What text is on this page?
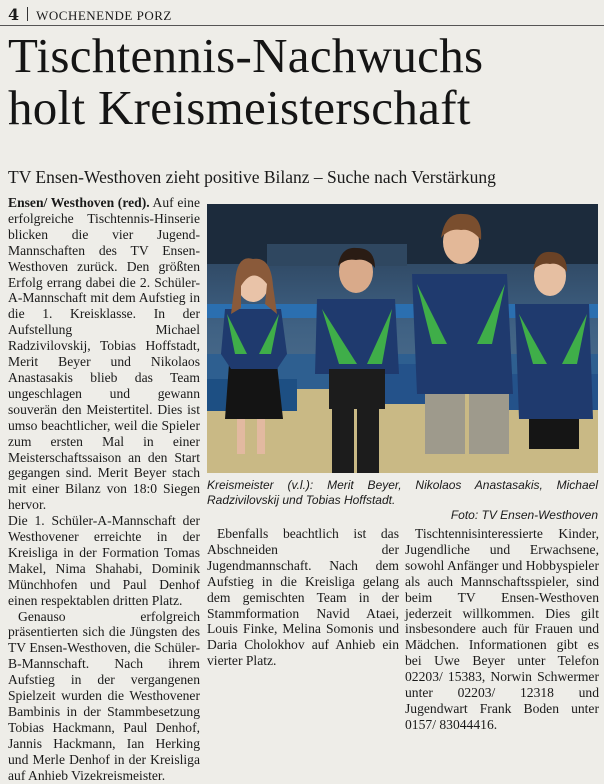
4 WOCHENENDE PORZ
Tischtennis-Nachwuchs
holt Kreismeisterschaft
TV Ensen-Westhoven zieht positive Bilanz – Suche nach Verstärkung

Ensen/ Westhoven (red). Auf eine erfolgreiche Tischtennis-Hinserie blicken die vier Jugend-Mannschaften des TV Ensen-Westhoven zurück. Den größten Erfolg errang dabei die 2. Schüler-A-Mannschaft mit dem Aufstieg in die 1. Kreisklasse. In der Aufstellung Michael Radzivilovskij, Tobias Hoffstadt, Merit Beyer und Nikolaos Anastasakis blieb das Team ungeschlagen und gewann souverän den Meistertitel. Dies ist umso beachtlicher, weil die Spieler zum ersten Mal in einer Meisterschaftssaison an den Start gegangen sind. Merit Beyer stach mit einer Bilanz von 18:0 Siegen hervor.

Die 1. Schüler-A-Mannschaft der Westhovener erreichte in der Kreisliga in der Formation Tomas Makel, Nima Shahabi, Dominik Münchhofen und Paul Denhof einen respektablen dritten Platz.

Genauso erfolgreich präsentierten sich die Jüngsten des TV Ensen-Westhoven, die Schüler-B-Mannschaft. Nach ihrem Aufstieg in der vergangenen Spielzeit wurden die Westhovener Bambinis in der Stammbesetzung Tobias Hackmann, Paul Denhof, Jannis Hackmann, Ian Herking und Merle Denhof in der Kreisliga auf Anhieb Vizekreismeister.

Kreismeister (v.l.): Merit Beyer, Nikolaos Anastasakis, Michael Radzivilovskij und Tobias Hoffstadt.
Foto: TV Ensen-Westhoven

Ebenfalls beachtlich ist das Abschneiden der Jugendmannschaft. Nach dem Aufstieg in die Kreisliga gelang dem gemischten Team in der Stammformation Navid Ataei, Louis Finke, Melina Somonis und Daria Cholokhov auf Anhieb ein vierter Platz.

Tischtennisinteressierte Kinder, Jugendliche und Erwachsene, sowohl Anfänger und Hobbyspieler als auch Mannschaftsspieler, sind beim TV Ensen-Westhoven jederzeit willkommen. Dies gilt insbesondere auch für Frauen und Mädchen. Informationen gibt es bei Uwe Beyer unter Telefon 02203/ 15383, Norwin Schwermer unter 02203/ 12318 und Jugendwart Frank Boden unter 0157/ 83044416.
